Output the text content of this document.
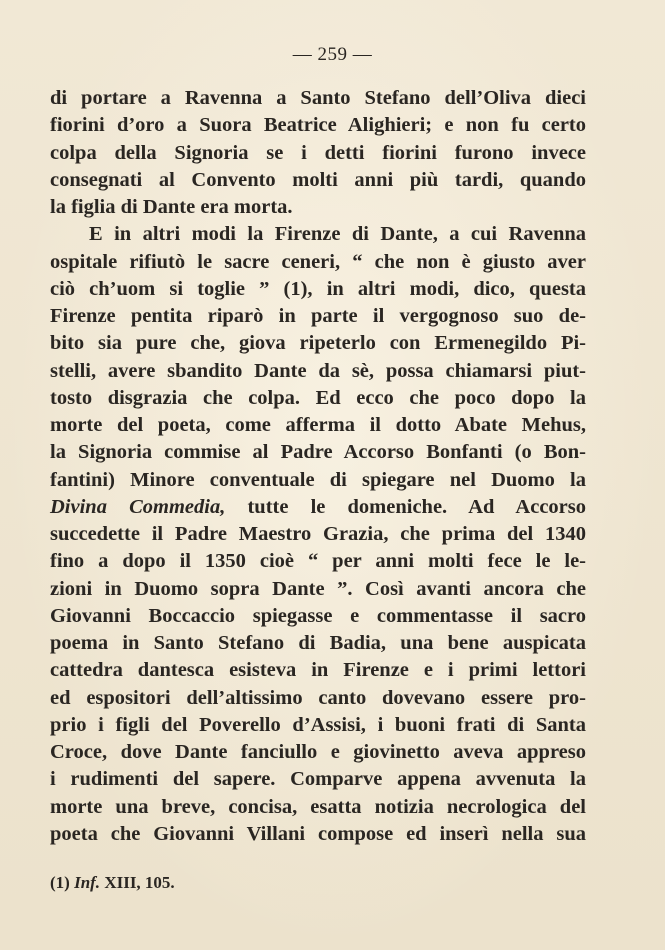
— 259 —
di portare a Ravenna a Santo Stefano dell’Oliva dieci
fiorini d’oro a Suora Beatrice Alighieri; e non fu certo
colpa della Signoria se i detti fiorini furono invece
consegnati al Convento molti anni più tardi, quando
la figlia di Dante era morta.
E in altri modi la Firenze di Dante, a cui Ravenna
ospitale rifiutò le sacre ceneri, “ che non è giusto aver
ciò ch’uom si toglie ” (1), in altri modi, dico, questa
Firenze pentita riparò in parte il vergognoso suo de-
bito sia pure che, giova ripeterlo con Ermenegildo Pi-
stelli, avere sbandito Dante da sè, possa chiamarsi piut-
tosto disgrazia che colpa. Ed ecco che poco dopo la
morte del poeta, come afferma il dotto Abate Mehus,
la Signoria commise al Padre Accorso Bonfanti (o Bon-
fantini) Minore conventuale di spiegare nel Duomo la
Divina Commedia, tutte le domeniche. Ad Accorso
succedette il Padre Maestro Grazia, che prima del 1340
fino a dopo il 1350 cioè “ per anni molti fece le le-
zioni in Duomo sopra Dante ”. Così avanti ancora che
Giovanni Boccaccio spiegasse e commentasse il sacro
poema in Santo Stefano di Badia, una bene auspicata
cattedra dantesca esisteva in Firenze e i primi lettori
ed espositori dell’altissimo canto dovevano essere pro-
prio i figli del Poverello d’Assisi, i buoni frati di Santa
Croce, dove Dante fanciullo e giovinetto aveva appreso
i rudimenti del sapere. Comparve appena avvenuta la
morte una breve, concisa, esatta notizia necrologica del
poeta che Giovanni Villani compose ed inserì nella sua
(1) Inf. XIII, 105.
